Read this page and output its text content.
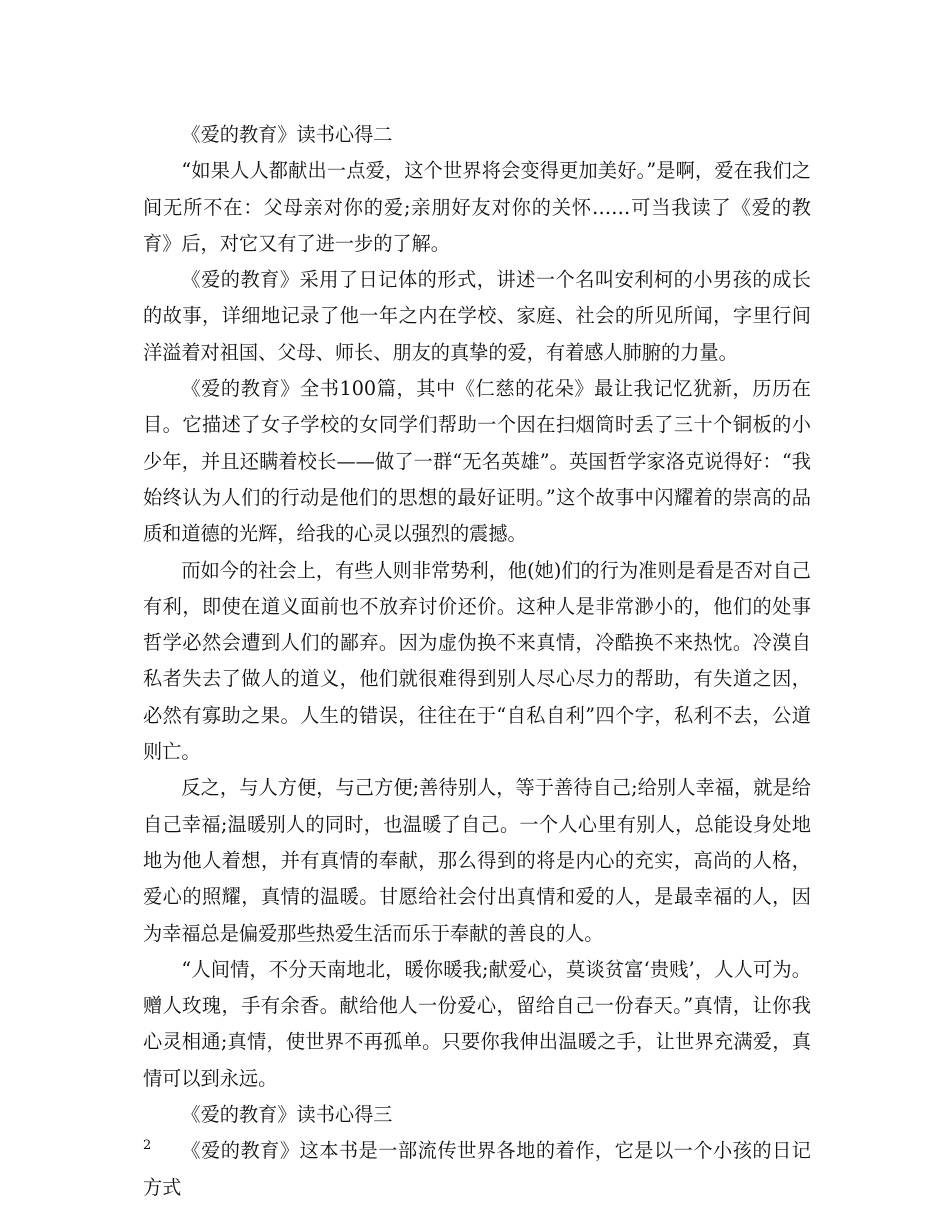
《爱的教育》读书心得二

“如果人人都献出一点爱，这个世界将会变得更加美好。”是啊，爱在我们之间无所不在：父母亲对你的爱;亲朋好友对你的关怀……可当我读了《爱的教育》后，对它又有了进一步的了解。

《爱的教育》采用了日记体的形式，讲述一个名叫安利柯的小男孩的成长的故事，详细地记录了他一年之内在学校、家庭、社会的所见所闻，字里行间洋溢着对祖国、父母、师长、朋友的真挚的爱，有着感人肺腑的力量。

《爱的教育》全书100篇，其中《仁慈的花朵》最让我记忆犹新，历历在目。它描述了女子学校的女同学们帮助一个因在扫烟筒时丢了三十个铜板的小少年，并且还瞒着校长——做了一群“无名英雄”。英国哲学家洛克说得好：“我始终认为人们的行动是他们的思想的最好证明。”这个故事中闪耀着的崇高的品质和道德的光辉，给我的心灵以强烈的震撼。

而如今的社会上，有些人则非常势利，他(她)们的行为准则是看是否对自己有利，即使在道义面前也不放弃讨价还价。这种人是非常渺小的，他们的处事哲学必然会遭到人们的鄙弃。因为虚伪换不来真情，冷酷换不来热忱。冷漠自私者失去了做人的道义，他们就很难得到别人尽心尽力的帮助，有失道之因，必然有寡助之果。人生的错误，往往在于“自私自利”四个字，私利不去，公道则亡。

反之，与人方便，与己方便;善待别人，等于善待自己;给别人幸福，就是给自己幸福;温暖别人的同时，也温暖了自己。一个人心里有别人，总能设身处地地为他人着想，并有真情的奉献，那么得到的将是内心的充实，高尚的人格，爱心的照耀，真情的温暖。甘愿给社会付出真情和爱的人，是最幸福的人，因为幸福总是偏爱那些热爱生活而乐于奉献的善良的人。

“人间情，不分天南地北，暖你暖我;献爱心，莫谈贫富‘贵贱’，人人可为。赠人玫瑰，手有余香。献给他人一份爱心，留给自己一份春天。”真情，让你我心灵相通;真情，使世界不再孤单。只要你我伸出温暖之手，让世界充满爱，真情可以到永远。

《爱的教育》读书心得三

《爱的教育》这本书是一部流传世界各地的着作，它是以一个小孩的日记方式

2
